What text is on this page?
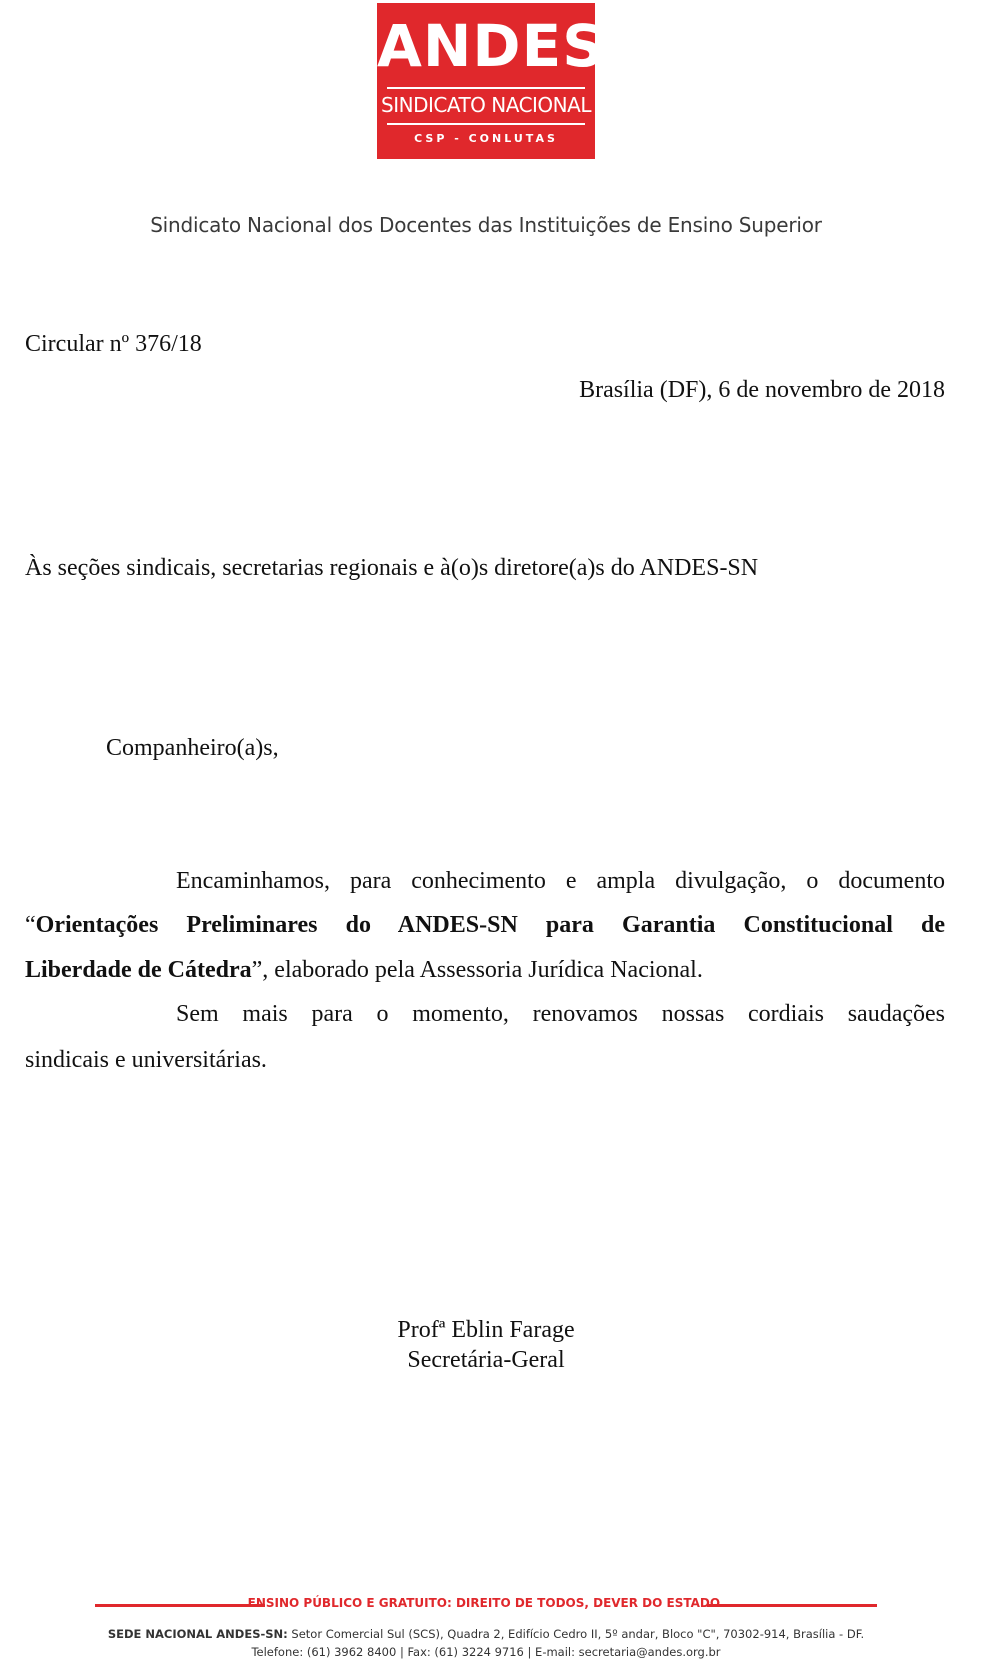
ANDES
SINDICATO NACIONAL
CSP - CONLUTAS
Sindicato Nacional dos Docentes das Instituições de Ensino Superior
Circular nº 376/18
Brasília (DF), 6 de novembro de 2018
Às seções sindicais, secretarias regionais e à(o)s diretore(a)s do ANDES-SN
Companheiro(a)s,
Encaminhamos, para conhecimento e ampla divulgação, o documento
“Orientações Preliminares do ANDES-SN para Garantia Constitucional de
Liberdade de Cátedra”, elaborado pela Assessoria Jurídica Nacional.
Sem mais para o momento, renovamos nossas cordiais saudações
sindicais e universitárias.
Profª Eblin Farage
Secretária-Geral
ENSINO PÚBLICO E GRATUITO: DIREITO DE TODOS, DEVER DO ESTADO.
SEDE NACIONAL ANDES-SN: Setor Comercial Sul (SCS), Quadra 2, Edifício Cedro II, 5º andar, Bloco "C", 70302-914, Brasília - DF.
Telefone: (61) 3962 8400 | Fax: (61) 3224 9716 | E-mail: secretaria@andes.org.br
